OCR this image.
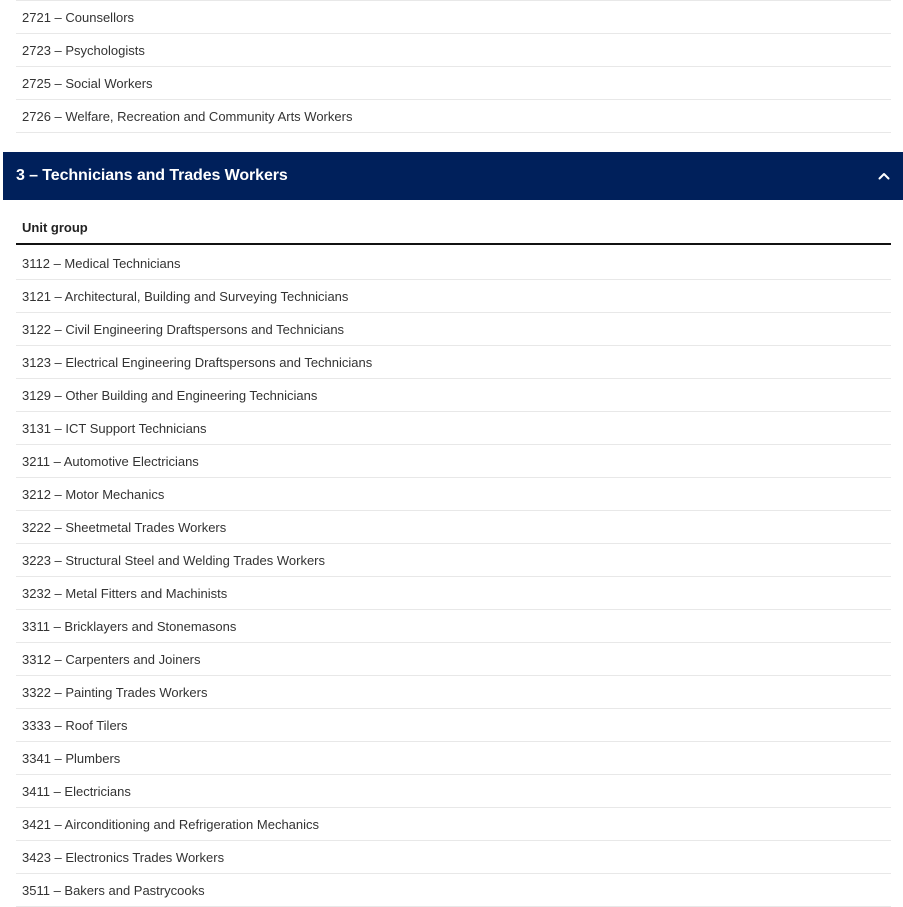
2721 – Counsellors
2723 – Psychologists
2725 – Social Workers
2726 – Welfare, Recreation and Community Arts Workers
3 – Technicians and Trades Workers
Unit group
3112 – Medical Technicians
3121 – Architectural, Building and Surveying Technicians
3122 – Civil Engineering Draftspersons and Technicians
3123 – Electrical Engineering Draftspersons and Technicians
3129 – Other Building and Engineering Technicians
3131 – ICT Support Technicians
3211 – Automotive Electricians
3212 – Motor Mechanics
3222 – Sheetmetal Trades Workers
3223 – Structural Steel and Welding Trades Workers
3232 – Metal Fitters and Machinists
3311 – Bricklayers and Stonemasons
3312 – Carpenters and Joiners
3322 – Painting Trades Workers
3333 – Roof Tilers
3341 – Plumbers
3411 – Electricians
3421 – Airconditioning and Refrigeration Mechanics
3423 – Electronics Trades Workers
3511 – Bakers and Pastrycooks
